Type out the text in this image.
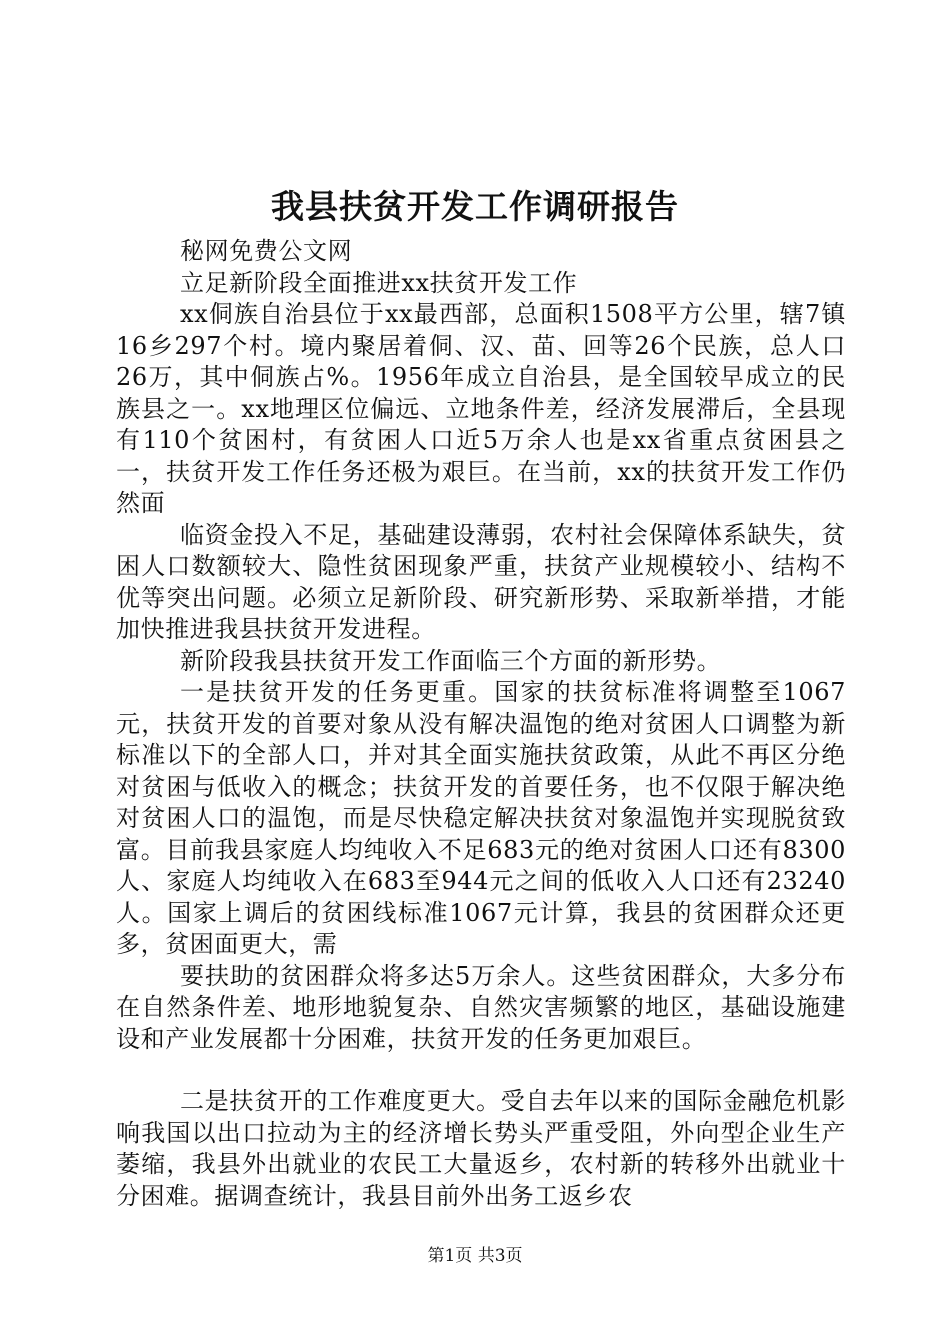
我县扶贫开发工作调研报告

秘网免费公文网

立足新阶段全面推进xx扶贫开发工作

xx侗族自治县位于xx最西部，总面积1508平方公里，辖7镇16乡297个村。境内聚居着侗、汉、苗、回等26个民族，总人口26万，其中侗族占%。1956年成立自治县，是全国较早成立的民族县之一。xx地理区位偏远、立地条件差，经济发展滞后，全县现有110个贫困村，有贫困人口近5万余人也是xx省重点贫困县之一，扶贫开发工作任务还极为艰巨。在当前，xx的扶贫开发工作仍然面

临资金投入不足，基础建设薄弱，农村社会保障体系缺失，贫困人口数额较大、隐性贫困现象严重，扶贫产业规模较小、结构不优等突出问题。必须立足新阶段、研究新形势、采取新举措，才能加快推进我县扶贫开发进程。

新阶段我县扶贫开发工作面临三个方面的新形势。

一是扶贫开发的任务更重。国家的扶贫标准将调整至1067元，扶贫开发的首要对象从没有解决温饱的绝对贫困人口调整为新标准以下的全部人口，并对其全面实施扶贫政策，从此不再区分绝对贫困与低收入的概念；扶贫开发的首要任务，也不仅限于解决绝对贫困人口的温饱，而是尽快稳定解决扶贫对象温饱并实现脱贫致富。目前我县家庭人均纯收入不足683元的绝对贫困人口还有8300人、家庭人均纯收入在683至944元之间的低收入人口还有23240人。国家上调后的贫困线标准1067元计算，我县的贫困群众还更多，贫困面更大，需

要扶助的贫困群众将多达5万余人。这些贫困群众，大多分布在自然条件差、地形地貌复杂、自然灾害频繁的地区，基础设施建设和产业发展都十分困难，扶贫开发的任务更加艰巨。

二是扶贫开的工作难度更大。受自去年以来的国际金融危机影响我国以出口拉动为主的经济增长势头严重受阻，外向型企业生产萎缩，我县外出就业的农民工大量返乡，农村新的转移外出就业十分困难。据调查统计，我县目前外出务工返乡农

第1页 共3页
